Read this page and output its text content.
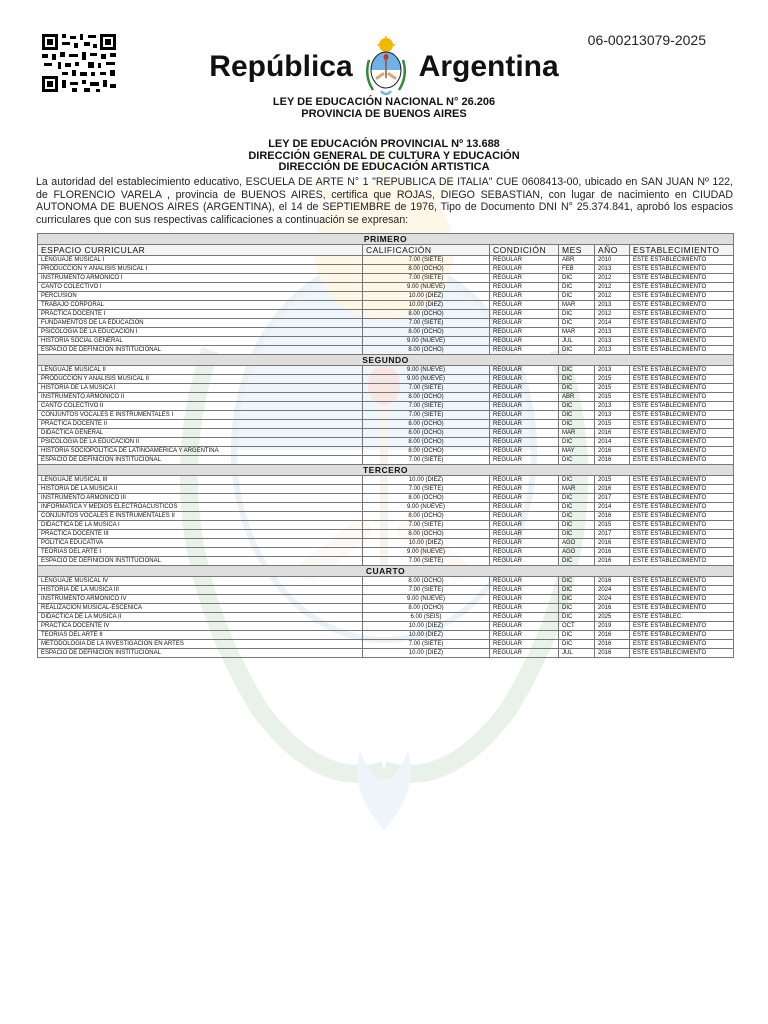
06-00213079-2025
República Argentina
LEY DE EDUCACIÓN NACIONAL N° 26.206
PROVINCIA DE BUENOS AIRES
LEY DE EDUCACIÓN PROVINCIAL Nº 13.688
DIRECCIÓN GENERAL DE CULTURA Y EDUCACIÓN
DIRECCIÓN DE EDUCACIÓN ARTISTICA
La autoridad del establecimiento educativo, ESCUELA DE ARTE N° 1 "REPUBLICA DE ITALIA" CUE 0608413-00, ubicado en SAN JUAN Nº 122, de FLORENCIO VARELA , provincia de BUENOS AIRES, certifica que ROJAS, DIEGO SEBASTIAN, con lugar de nacimiento en CIUDAD AUTONOMA DE BUENOS AIRES (ARGENTINA), el 14 de SEPTIEMBRE de 1976, Tipo de Documento DNI N° 25.374.841, aprobó los espacios curriculares que con sus respectivas calificaciones a continuación se expresan:
PRIMERO					
ESPACIO CURRICULAR	CALIFICACIÓN	CONDICIÓN	MES	AÑO	ESTABLECIMIENTO
LENGUAJE MUSICAL I	7.00 (SIETE)	REGULAR	ABR	2010	ESTE ESTABLECIMIENTO
PRODUCCION Y ANALISIS MUSICAL I	8.00 (OCHO)	REGULAR	FEB	2013	ESTE ESTABLECIMIENTO
INSTRUMENTO ARMONICO I	7.00 (SIETE)	REGULAR	DIC	2012	ESTE ESTABLECIMIENTO
CANTO COLECTIVO I	9.00 (NUEVE)	REGULAR	DIC	2012	ESTE ESTABLECIMIENTO
PERCUSION	10.00 (DIEZ)	REGULAR	DIC	2012	ESTE ESTABLECIMIENTO
TRABAJO CORPORAL	10.00 (DIEZ)	REGULAR	MAR	2013	ESTE ESTABLECIMIENTO
PRACTICA DOCENTE I	8.00 (OCHO)	REGULAR	DIC	2012	ESTE ESTABLECIMIENTO
FUNDAMENTOS DE LA EDUCACION	7.00 (SIETE)	REGULAR	DIC	2014	ESTE ESTABLECIMIENTO
PSICOLOGIA DE LA EDUCACION I	8.00 (OCHO)	REGULAR	MAR	2013	ESTE ESTABLECIMIENTO
HISTORIA SOCIAL GENERAL	9.00 (NUEVE)	REGULAR	JUL	2013	ESTE ESTABLECIMIENTO
ESPACIO DE DEFINICION INSTITUCIONAL	8.00 (OCHO)	REGULAR	DIC	2013	ESTE ESTABLECIMIENTO
SEGUNDO					
LENGUAJE MUSICAL II	9.00 (NUEVE)	REGULAR	DIC	2013	ESTE ESTABLECIMIENTO
PRODUCCION Y ANALISIS MUSICAL II	9.00 (NUEVE)	REGULAR	DIC	2015	ESTE ESTABLECIMIENTO
HISTORIA DE LA MUSICA I	7.00 (SIETE)	REGULAR	DIC	2015	ESTE ESTABLECIMIENTO
INSTRUMENTO ARMONICO II	8.00 (OCHO)	REGULAR	ABR	2015	ESTE ESTABLECIMIENTO
CANTO COLECTIVO II	7.00 (SIETE)	REGULAR	DIC	2013	ESTE ESTABLECIMIENTO
CONJUNTOS VOCALES E INSTRUMENTALES I	7.00 (SIETE)	REGULAR	DIC	2013	ESTE ESTABLECIMIENTO
PRACTICA DOCENTE II	8.00 (OCHO)	REGULAR	DIC	2015	ESTE ESTABLECIMIENTO
DIDACTICA GENERAL	8.00 (OCHO)	REGULAR	MAR	2016	ESTE ESTABLECIMIENTO
PSICOLOGIA DE LA EDUCACION II	8.00 (OCHO)	REGULAR	DIC	2014	ESTE ESTABLECIMIENTO
HISTORIA SOCIOPOLITICA DE LATINOAMERICA Y ARGENTINA	8.00 (OCHO)	REGULAR	MAY	2016	ESTE ESTABLECIMIENTO
ESPACIO DE DEFINICION INSTITUCIONAL	7.00 (SIETE)	REGULAR	DIC	2016	ESTE ESTABLECIMIENTO
TERCERO					
LENGUAJE MUSICAL III	10.00 (DIEZ)	REGULAR	DIC	2015	ESTE ESTABLECIMIENTO
HISTORIA DE LA MUSICA II	7.00 (SIETE)	REGULAR	MAR	2016	ESTE ESTABLECIMIENTO
INSTRUMENTO ARMONICO III	8.00 (OCHO)	REGULAR	DIC	2017	ESTE ESTABLECIMIENTO
INFORMATICA Y MEDIOS ELECTROACUSTICOS	9.00 (NUEVE)	REGULAR	DIC	2014	ESTE ESTABLECIMIENTO
CONJUNTOS VOCALES E INSTRUMENTALES II	8.00 (OCHO)	REGULAR	DIC	2016	ESTE ESTABLECIMIENTO
DIDACTICA DE LA MUSICA I	7.00 (SIETE)	REGULAR	DIC	2015	ESTE ESTABLECIMIENTO
PRACTICA DOCENTE III	8.00 (OCHO)	REGULAR	DIC	2017	ESTE ESTABLECIMIENTO
POLITICA EDUCATIVA	10.00 (DIEZ)	REGULAR	AGO	2016	ESTE ESTABLECIMIENTO
TEORIAS DEL ARTE I	9.00 (NUEVE)	REGULAR	AGO	2016	ESTE ESTABLECIMIENTO
ESPACIO DE DEFINICION INSTITUCIONAL	7.00 (SIETE)	REGULAR	DIC	2016	ESTE ESTABLECIMIENTO
CUARTO					
LENGUAJE MUSICAL IV	8.00 (OCHO)	REGULAR	DIC	2016	ESTE ESTABLECIMIENTO
HISTORIA DE LA MUSICA III	7.00 (SIETE)	REGULAR	DIC	2024	ESTE ESTABLECIMIENTO
INSTRUMENTO ARMONICO IV	9.00 (NUEVE)	REGULAR	DIC	2024	ESTE ESTABLECIMIENTO
REALIZACION MUSICAL-ESCENICA	8.00 (OCHO)	REGULAR	DIC	2016	ESTE ESTABLECIMIENTO
DIDACTICA DE LA MUSICA II	6.00 (SEIS)	REGULAR	DIC	2025	ESTE ESTABLEC.
PRACTICA DOCENTE IV	10.00 (DIEZ)	REGULAR	OCT	2019	ESTE ESTABLECIMIENTO
TEORIAS DEL ARTE II	10.00 (DIEZ)	REGULAR	DIC	2016	ESTE ESTABLECIMIENTO
METODOLOGIA DE LA INVESTIGACION EN ARTES	7.00 (SIETE)	REGULAR	DIC	2016	ESTE ESTABLECIMIENTO
ESPACIO DE DEFINICION INSTITUCIONAL	10.00 (DIEZ)	REGULAR	JUL	2016	ESTE ESTABLECIMIENTO
